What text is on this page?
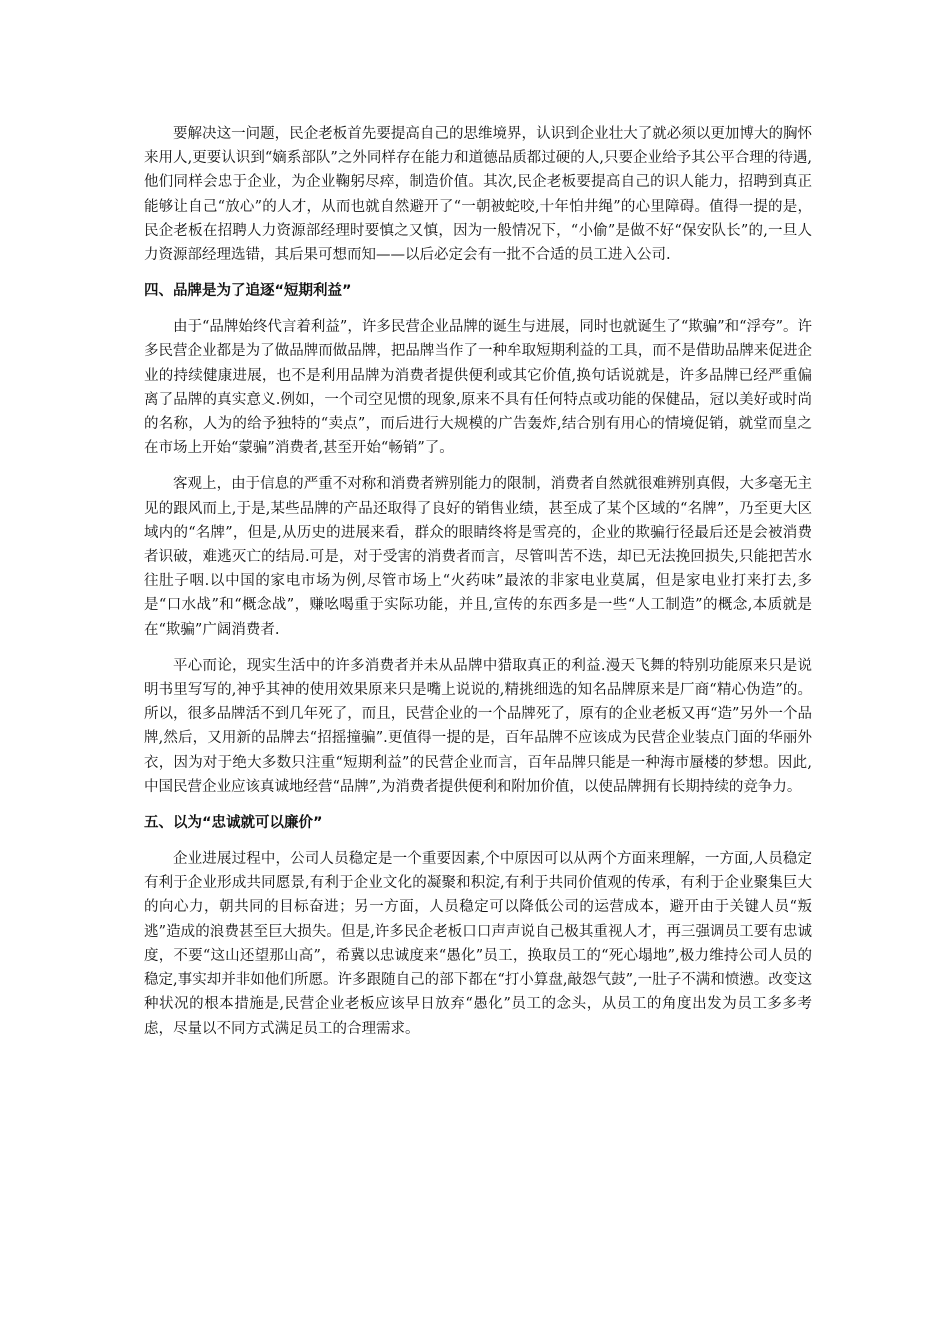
要解决这一问题，民企老板首先要提高自己的思维境界，认识到企业壮大了就必须以更加博大的胸怀来用人,更要认识到“嫡系部队”之外同样存在能力和道德品质都过硬的人,只要企业给予其公平合理的待遇,他们同样会忠于企业，为企业鞠躬尽瘁，制造价值。其次,民企老板要提高自己的识人能力，招聘到真正能够让自己“放心”的人才，从而也就自然避开了“一朝被蛇咬,十年怕井绳”的心里障碍。值得一提的是，民企老板在招聘人力资源部经理时要慎之又慎，因为一般情况下，“小偷”是做不好“保安队长”的,一旦人力资源部经理选错，其后果可想而知——以后必定会有一批不合适的员工进入公司.

四、品牌是为了追逐“短期利益”

由于“品牌始终代言着利益”，许多民营企业品牌的诞生与进展，同时也就诞生了“欺骗”和“浮夸”。许多民营企业都是为了做品牌而做品牌，把品牌当作了一种牟取短期利益的工具，而不是借助品牌来促进企业的持续健康进展，也不是利用品牌为消费者提供便利或其它价值,换句话说就是，许多品牌已经严重偏离了品牌的真实意义.例如，一个司空见惯的现象,原来不具有任何特点或功能的保健品，冠以美好或时尚的名称，人为的给予独特的“卖点”，而后进行大规模的广告轰炸,结合别有用心的情境促销，就堂而皇之在市场上开始“蒙骗”消费者,甚至开始“畅销”了。

客观上，由于信息的严重不对称和消费者辨别能力的限制，消费者自然就很难辨别真假，大多毫无主见的跟风而上,于是,某些品牌的产品还取得了良好的销售业绩，甚至成了某个区域的“名牌”，乃至更大区域内的“名牌”，但是,从历史的进展来看，群众的眼睛终将是雪亮的，企业的欺骗行径最后还是会被消费者识破，难逃灭亡的结局.可是，对于受害的消费者而言，尽管叫苦不迭，却已无法挽回损失,只能把苦水往肚子咽.以中国的家电市场为例,尽管市场上“火药味”最浓的非家电业莫属，但是家电业打来打去,多是“口水战”和“概念战”，赚吆喝重于实际功能，并且,宣传的东西多是一些“人工制造”的概念,本质就是在“欺骗”广阔消费者.

平心而论，现实生活中的许多消费者并未从品牌中猎取真正的利益.漫天飞舞的特别功能原来只是说明书里写写的,神乎其神的使用效果原来只是嘴上说说的,精挑细选的知名品牌原来是厂商“精心伪造”的。所以，很多品牌活不到几年死了，而且，民营企业的一个品牌死了，原有的企业老板又再“造”另外一个品牌,然后，又用新的品牌去“招摇撞骗”.更值得一提的是，百年品牌不应该成为民营企业装点门面的华丽外衣，因为对于绝大多数只注重“短期利益”的民营企业而言，百年品牌只能是一种海市蜃楼的梦想。因此,中国民营企业应该真诚地经营“品牌”,为消费者提供便利和附加价值，以使品牌拥有长期持续的竞争力。

五、以为“忠诚就可以廉价”

企业进展过程中，公司人员稳定是一个重要因素,个中原因可以从两个方面来理解，一方面,人员稳定有利于企业形成共同愿景,有利于企业文化的凝聚和积淀,有利于共同价值观的传承，有利于企业聚集巨大的向心力，朝共同的目标奋进；另一方面，人员稳定可以降低公司的运营成本，避开由于关键人员“叛逃”造成的浪费甚至巨大损失。但是,许多民企老板口口声声说自己极其重视人才，再三强调员工要有忠诚度，不要“这山还望那山高”，希冀以忠诚度来“愚化”员工，换取员工的“死心塌地”,极力维持公司人员的稳定,事实却并非如他们所愿。许多跟随自己的部下都在“打小算盘,敲怨气鼓”,一肚子不满和愤懑。改变这种状况的根本措施是,民营企业老板应该早日放弃“愚化”员工的念头，从员工的角度出发为员工多多考虑，尽量以不同方式满足员工的合理需求。
